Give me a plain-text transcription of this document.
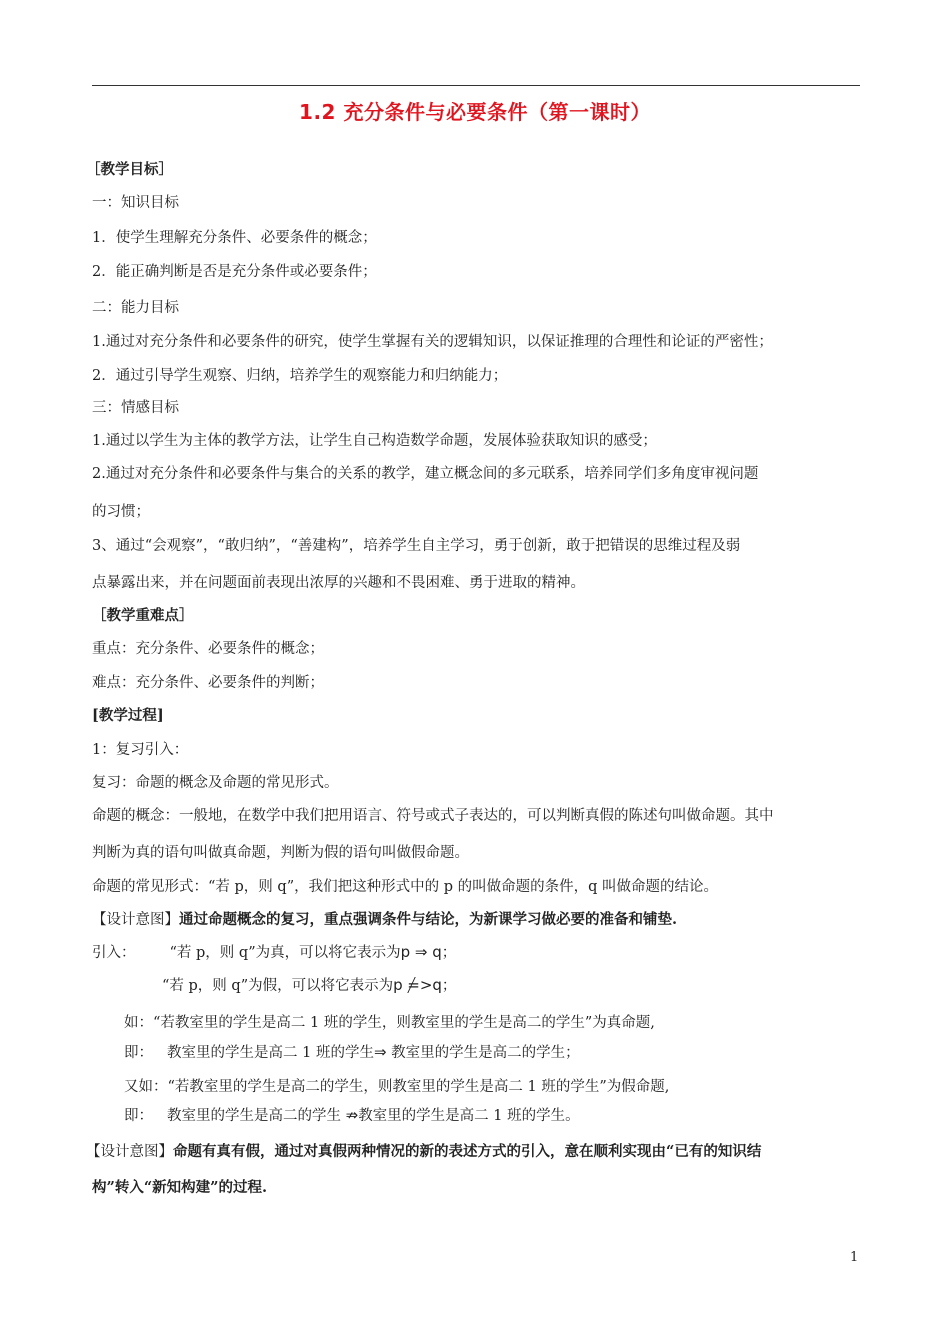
1.2 充分条件与必要条件（第一课时）
［教学目标］
一：知识目标
1．使学生理解充分条件、必要条件的概念；
2．能正确判断是否是充分条件或必要条件；
二：能力目标
1.通过对充分条件和必要条件的研究，使学生掌握有关的逻辑知识，以保证推理的合理性和论证的严密性；
2．通过引导学生观察、归纳，培养学生的观察能力和归纳能力；
三：情感目标
1.通过以学生为主体的教学方法，让学生自己构造数学命题，发展体验获取知识的感受；
2.通过对充分条件和必要条件与集合的关系的教学，建立概念间的多元联系，培养同学们多角度审视问题
的习惯；
3、通过“会观察”，“敢归纳”，“善建构”，培养学生自主学习，勇于创新，敢于把错误的思维过程及弱
点暴露出来，并在问题面前表现出浓厚的兴趣和不畏困难、勇于进取的精神。
［教学重难点］
重点：充分条件、必要条件的概念；
难点：充分条件、必要条件的判断；
[教学过程]
1：复习引入：
复习：命题的概念及命题的常见形式。
命题的概念：一般地，在数学中我们把用语言、符号或式子表达的，可以判断真假的陈述句叫做命题。其中
判断为真的语句叫做真命题，判断为假的语句叫做假命题。
命题的常见形式：“若 p，则 q”，我们把这种形式中的 p 的叫做命题的条件，q 叫做命题的结论。
【设计意图】通过命题概念的复习，重点强调条件与结论，为新课学习做必要的准备和铺垫.
引入： “若 p，则 q”为真，可以将它表示为p ⇒ q；
“若 p，则 q”为假，可以将它表示为p =>q；
如：“若教室里的学生是高二 1 班的学生，则教室里的学生是高二的学生”为真命题,
即： 教室里的学生是高二 1 班的学生⇒ 教室里的学生是高二的学生；
又如：“若教室里的学生是高二的学生，则教室里的学生是高二 1 班的学生”为假命题,
即： 教室里的学生是高二的学生 ⇏教室里的学生是高二 1 班的学生。
【设计意图】命题有真有假，通过对真假两种情况的新的表述方式的引入，意在顺利实现由“已有的知识结
构”转入“新知构建”的过程.
1
